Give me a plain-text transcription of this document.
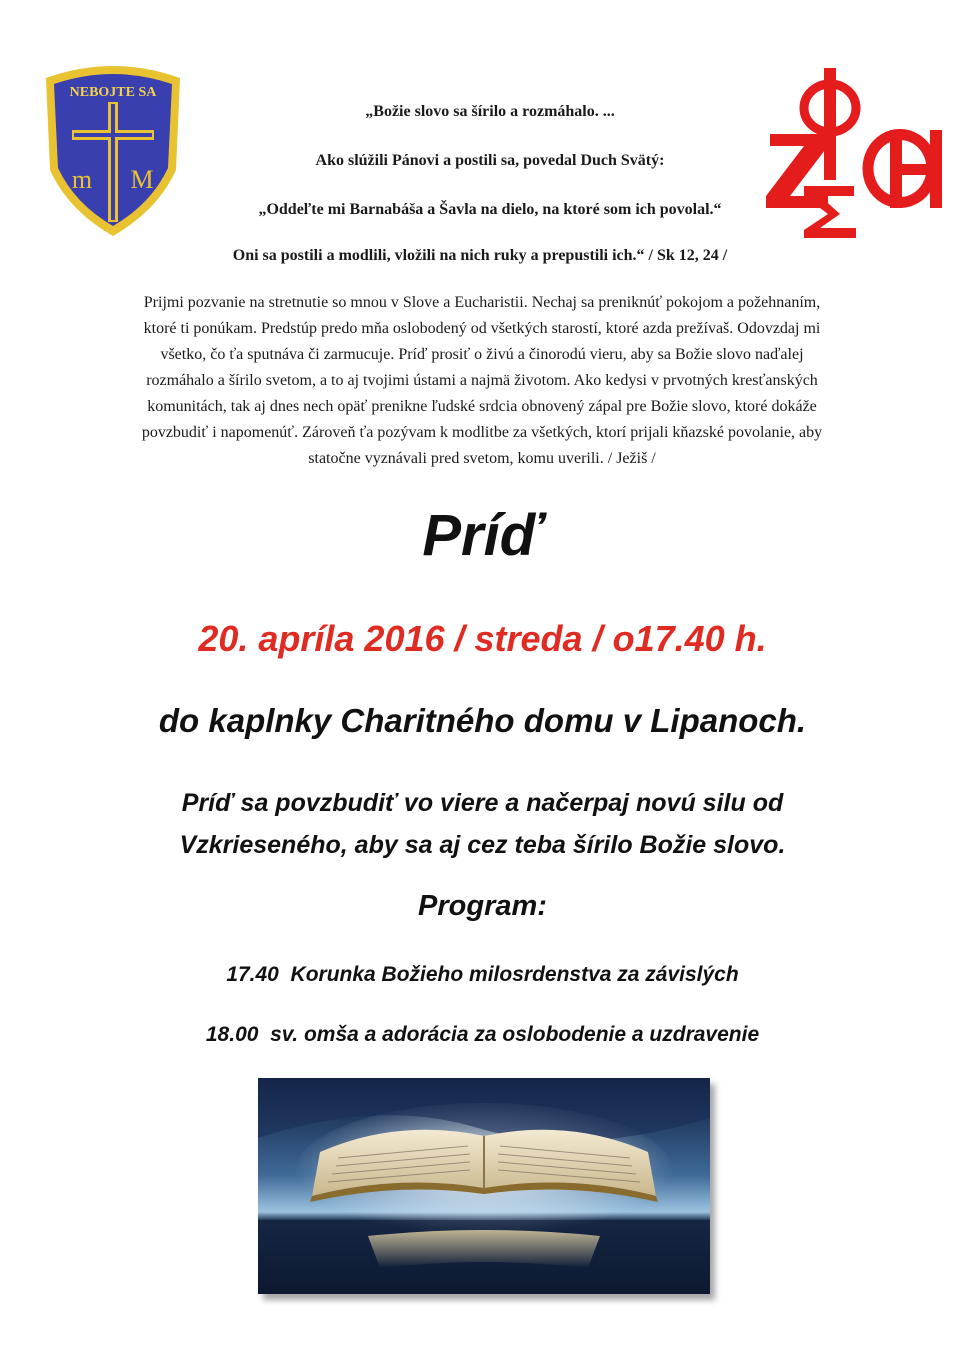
NEBOJTE SA
m M
„Božie slovo sa šírilo a rozmáhalo. ...
Ako slúžili Pánovi a postili sa, povedal Duch Svätý:
„Oddeľte mi Barnabáša a Šavla na dielo, na ktoré som ich povolal.“
Oni sa postili a modlili, vložili na nich ruky a prepustili ich.“ / Sk 12, 24 /

Prijmi pozvanie na stretnutie so mnou v Slove a Eucharistii. Nechaj sa preniknúť pokojom a požehnaním,

ktoré ti ponúkam. Predstúp predo mňa oslobodený od všetkých starostí, ktoré azda prežívaš. Odovzdaj mi

všetko, čo ťa sputnáva či zarmucuje. Príď prosiť o živú a činorodú vieru, aby sa Božie slovo naďalej

rozmáhalo a šírilo svetom, a to aj tvojimi ústami a najmä životom. Ako kedysi v prvotných kresťanských

komunitách, tak aj dnes nech opäť prenikne ľudské srdcia obnovený zápal pre Božie slovo, ktoré dokáže

povzbudiť i napomenúť. Zároveň ťa pozývam k modlitbe za všetkých, ktorí prijali kňazské povolanie, aby

statočne vyznávali pred svetom, komu uverili. / Ježiš /

Príď
20. apríla 2016 / streda / o17.40 h.
do kaplnky Charitného domu v Lipanoch.
Príď sa povzbudiť vo viere a načerpaj novú silu od
Vzkrieseného, aby sa aj cez teba šírilo Božie slovo.
Program:
17.40  Korunka Božieho milosrdenstva za závislých
18.00  sv. omša a adorácia za oslobodenie a uzdravenie
